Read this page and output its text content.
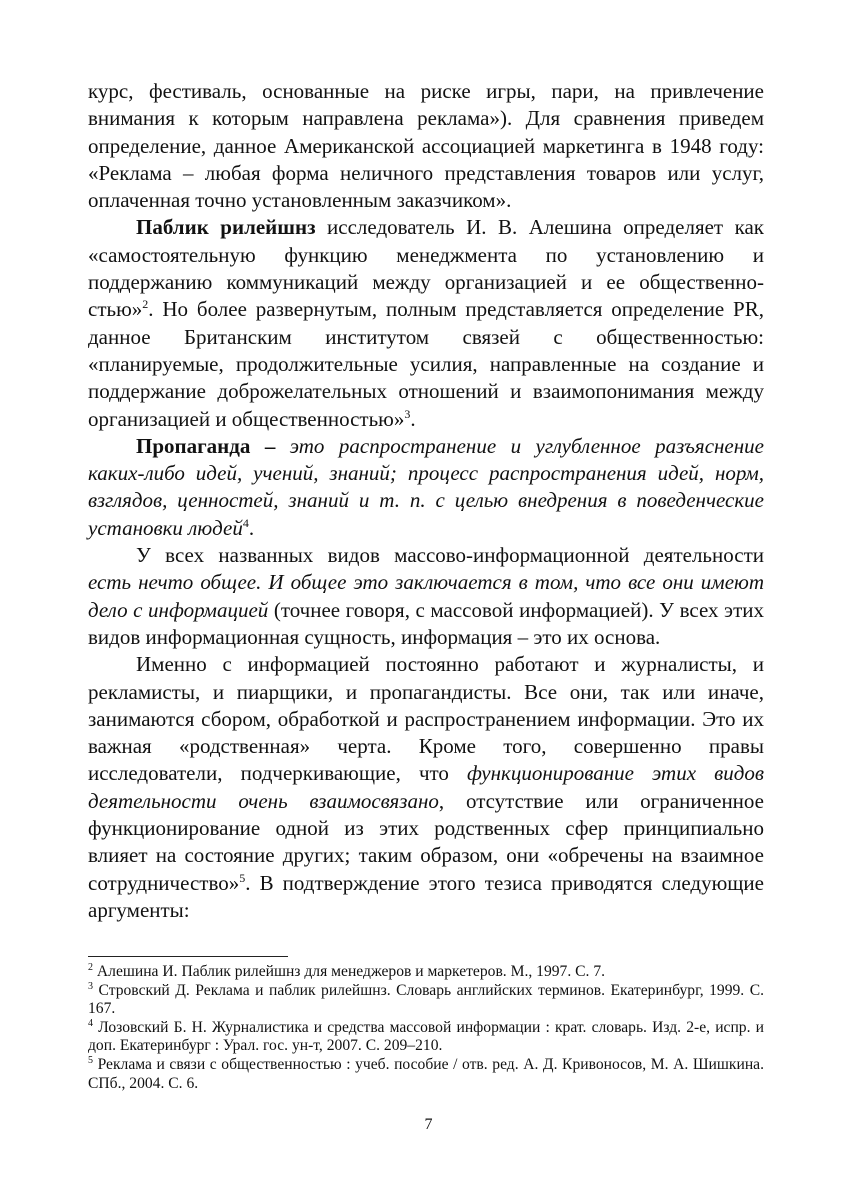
курс, фестиваль, основанные на риске игры, пари, на привлечение внимания к которым направлена реклама»). Для сравнения приведем определение, данное Американской ассоциацией маркетинга в 1948 году: «Реклама – любая форма неличного представления товаров или услуг, оплаченная точно установленным заказчиком».

Паблик рилейшнз исследователь И. В. Алешина определяет как «самостоятельную функцию менеджмента по установлению и поддержанию коммуникаций между организацией и ее общественностью»$^2$. Но более развернутым, полным представляется определение PR, данное Британским институтом связей с общественностью: «планируемые, продолжительные усилия, направленные на создание и поддержание доброжелательных отношений и взаимопонимания между организацией и общественностью»$^3$.

Пропаганда – это распространение и углубленное разъяснение каких-либо идей, учений, знаний; процесс распространения идей, норм, взглядов, ценностей, знаний и т. п. с целью внедрения в поведенческие установки людей$^4$.

У всех названных видов массово-информационной деятельности есть нечто общее. И общее это заключается в том, что все они имеют дело с информацией (точнее говоря, с массовой информацией). У всех этих видов информационная сущность, информация – это их основа.

Именно с информацией постоянно работают и журналисты, и рекламисты, и пиарщики, и пропагандисты. Все они, так или иначе, занимаются сбором, обработкой и распространением информации. Это их важная «родственная» черта. Кроме того, совершенно правы исследователи, подчеркивающие, что функционирование этих видов деятельности очень взаимосвязано, отсутствие или ограниченное функционирование одной из этих родственных сфер принципиально влияет на состояние других; таким образом, они «обречены на взаимное сотрудничество»$^5$. В подтверждение этого тезиса приводятся следующие аргументы:

$^2$ Алешина И. Паблик рилейшнз для менеджеров и маркетеров. М., 1997. С. 7.

$^3$ Стровский Д. Реклама и паблик рилейшнз. Словарь английских терминов. Екатеринбург, 1999. С. 167.

$^4$ Лозовский Б. Н. Журналистика и средства массовой информации : крат. словарь. Изд. 2-е, испр. и доп. Екатеринбург : Урал. гос. ун-т, 2007. С. 209–210.

$^5$ Реклама и связи с общественностью : учеб. пособие / отв. ред. А. Д. Кривоносов, М. А. Шишкина. СПб., 2004. С. 6.

7
